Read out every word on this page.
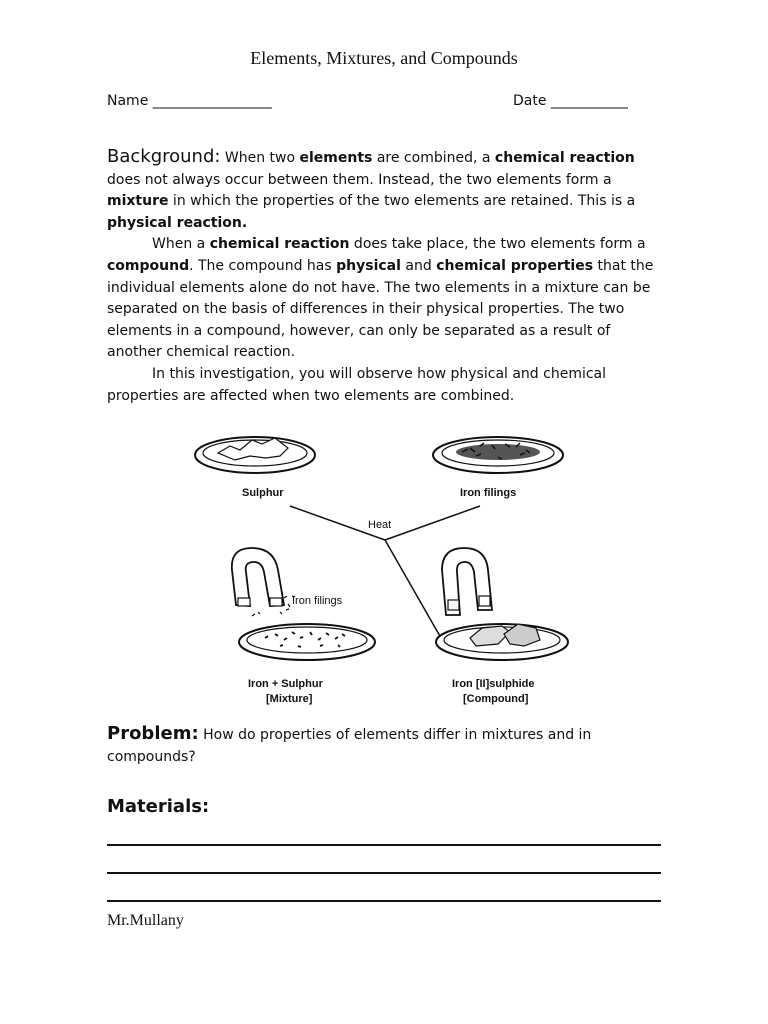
Elements, Mixtures, and Compounds
Name _________________	Date ___________

Background: When two elements are combined, a chemical reaction does not always occur between them. Instead, the two elements form a mixture in which the properties of the two elements are retained. This is a physical reaction.

When a chemical reaction does take place, the two elements form a compound. The compound has physical and chemical properties that the individual elements alone do not have. The two elements in a mixture can be separated on the basis of differences in their physical properties. The two elements in a compound, however, can only be separated as a result of another chemical reaction.

In this investigation, you will observe how physical and chemical properties are affected when two elements are combined.

Sulphur	Iron filings
Heat
Iron filings
Iron + Sulphur
[Mixture]
Iron [II]sulphide
[Compound]

Problem: How do properties of elements differ in mixtures and in compounds?

Materials:

Mr.Mullany
